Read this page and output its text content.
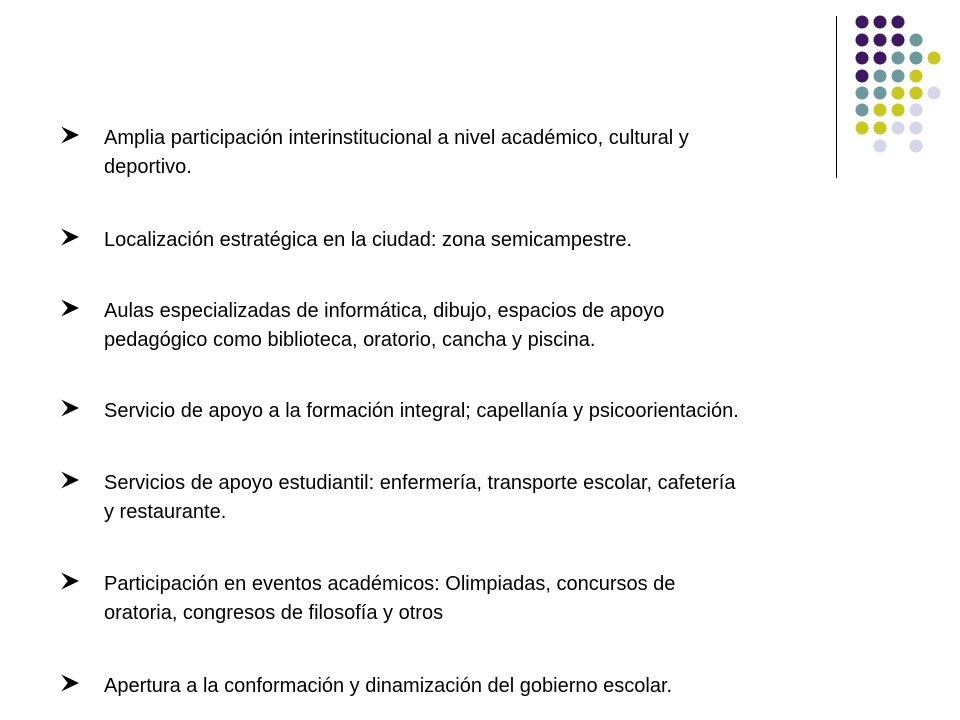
Amplia participación interinstitucional a nivel académico, cultural y
deportivo.
Localización estratégica en la ciudad: zona semicampestre.
Aulas especializadas de informática, dibujo, espacios de apoyo
pedagógico como biblioteca, oratorio, cancha y piscina.
Servicio de apoyo a la formación integral; capellanía y psicoorientación.
Servicios de apoyo estudiantil: enfermería, transporte escolar, cafetería
y restaurante.
Participación en eventos académicos: Olimpiadas, concursos de
oratoria, congresos de filosofía y otros
Apertura a la conformación y dinamización del gobierno escolar.
